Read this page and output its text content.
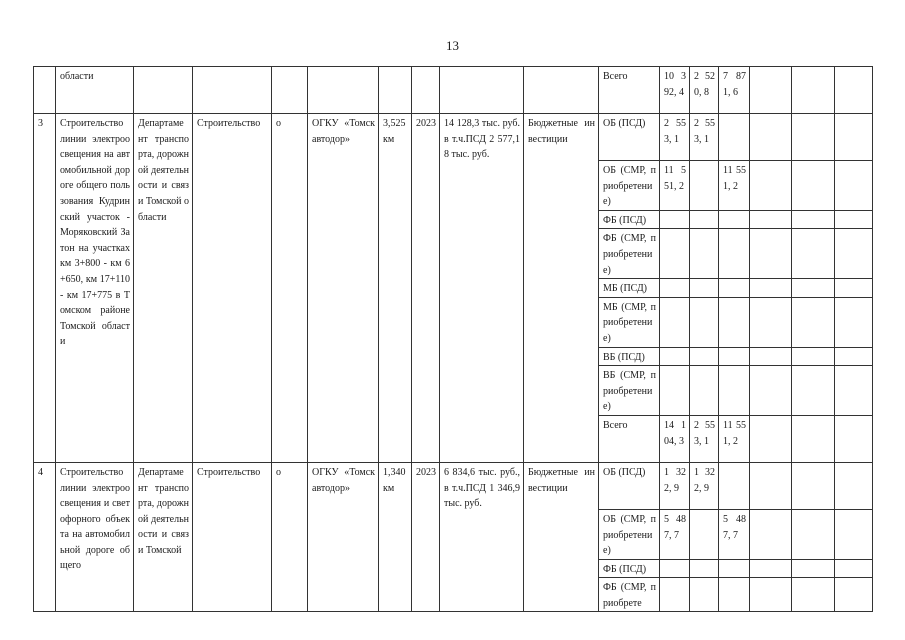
13
	области									Всего	10 392, 4	2 520, 8	7 871, 6			
3	Строительство линии электроосвещения на автомобильной дороге общего пользования Кудринский участок - Моряковский Затон на участках км 3+800 - км 6+650, км 17+110 - км 17+775 в Томском районе Томской области	Департамент транспорта, дорожной деятельности и связи Томской области	Строительство	о	ОГКУ «Томскавтодор»	3,525 км	2023	14 128,3 тыс. руб. в т.ч.ПСД 2 577,18 тыс. руб.	Бюджетные инвестиции	ОБ (ПСД)	2 553, 1	2 553, 1				
										ОБ (СМР, приобретение)	11 551, 2		11 551, 2			
										ФБ (ПСД)						
										ФБ (СМР, приобретение)						
										МБ (ПСД)						
										МБ (СМР, приобретение)						
										ВБ (ПСД)						
										ВБ (СМР, приобретение)						
										Всего	14 104, 3	2 553, 1	11 551, 2			
4	Строительство линии электроосвещения и светофорного объекта на автомобильной дороге общего	Департамент транспорта, дорожной деятельности и связи Томской	Строительство	о	ОГКУ «Томскавтодор»	1,340 км	2023	6 834,6 тыс. руб.,в т.ч.ПСД 1 346,9 тыс. руб.	Бюджетные инвестиции	ОБ (ПСД)	1 322, 9	1 322, 9				
										ОБ (СМР, приобретение)	5 487, 7		5 487, 7			
										ФБ (ПСД)						
										ФБ (СМР, приобрете						
